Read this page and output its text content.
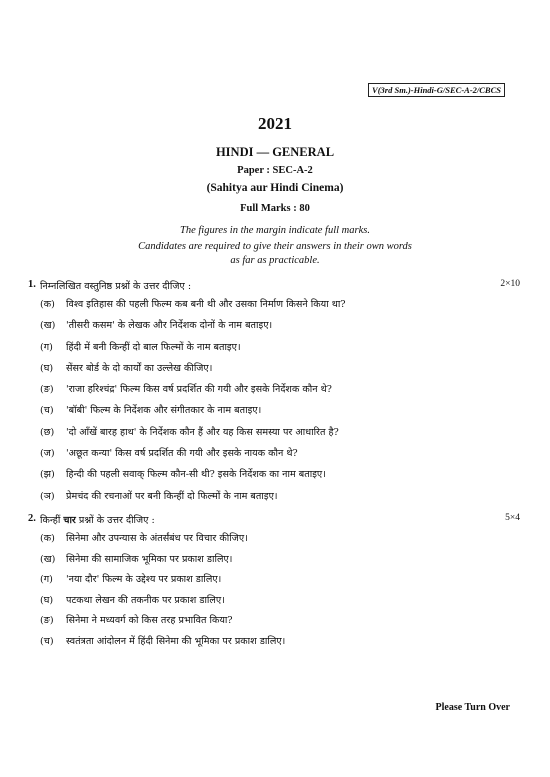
V(3rd Sm.)-Hindi-G/SEC-A-2/CBCS
2021
HINDI — GENERAL
Paper : SEC-A-2
(Sahitya aur Hindi Cinema)
Full Marks : 80
The figures in the margin indicate full marks.
Candidates are required to give their answers in their own words
as far as practicable.
1. निम्नलिखित वस्तुनिष्ठ प्रश्नों के उत्तर दीजिए :	2×10
(क) विश्व इतिहास की पहली फिल्म कब बनी थी और उसका निर्माण किसने किया था?
(ख) 'तीसरी कसम' के लेखक और निर्देशक दोनों के नाम बताइए।
(ग) हिंदी में बनी किन्हीं दो बाल फिल्मों के नाम बताइए।
(घ) सेंसर बोर्ड के दो कार्यों का उल्लेख कीजिए।
(ङ) 'राजा हरिश्चंद्र' फिल्म किस वर्ष प्रदर्शित की गयी और इसके निर्देशक कौन थे?
(च) 'बॉबी' फिल्म के निर्देशक और संगीतकार के नाम बताइए।
(छ) 'दो आँखें बारह हाथ' के निर्देशक कौन हैं और यह किस समस्या पर आधारित है?
(ज) 'अछूत कन्या' किस वर्ष प्रदर्शित की गयी और इसके नायक कौन थे?
(झ) हिन्दी की पहली सवाक् फिल्म कौन-सी थी? इसके निर्देशक का नाम बताइए।
(ञ) प्रेमचंद की रचनाओं पर बनी किन्हीं दो फिल्मों के नाम बताइए।
2. किन्हीं चार प्रश्नों के उत्तर दीजिए :	5×4
(क) सिनेमा और उपन्यास के अंतर्संबंध पर विचार कीजिए।
(ख) सिनेमा की सामाजिक भूमिका पर प्रकाश डालिए।
(ग) 'नया दौर' फिल्म के उद्देश्य पर प्रकाश डालिए।
(घ) पटकथा लेखन की तकनीक पर प्रकाश डालिए।
(ङ) सिनेमा ने मध्यवर्ग को किस तरह प्रभावित किया?
(च) स्वतंत्रता आंदोलन में हिंदी सिनेमा की भूमिका पर प्रकाश डालिए।
Please Turn Over
